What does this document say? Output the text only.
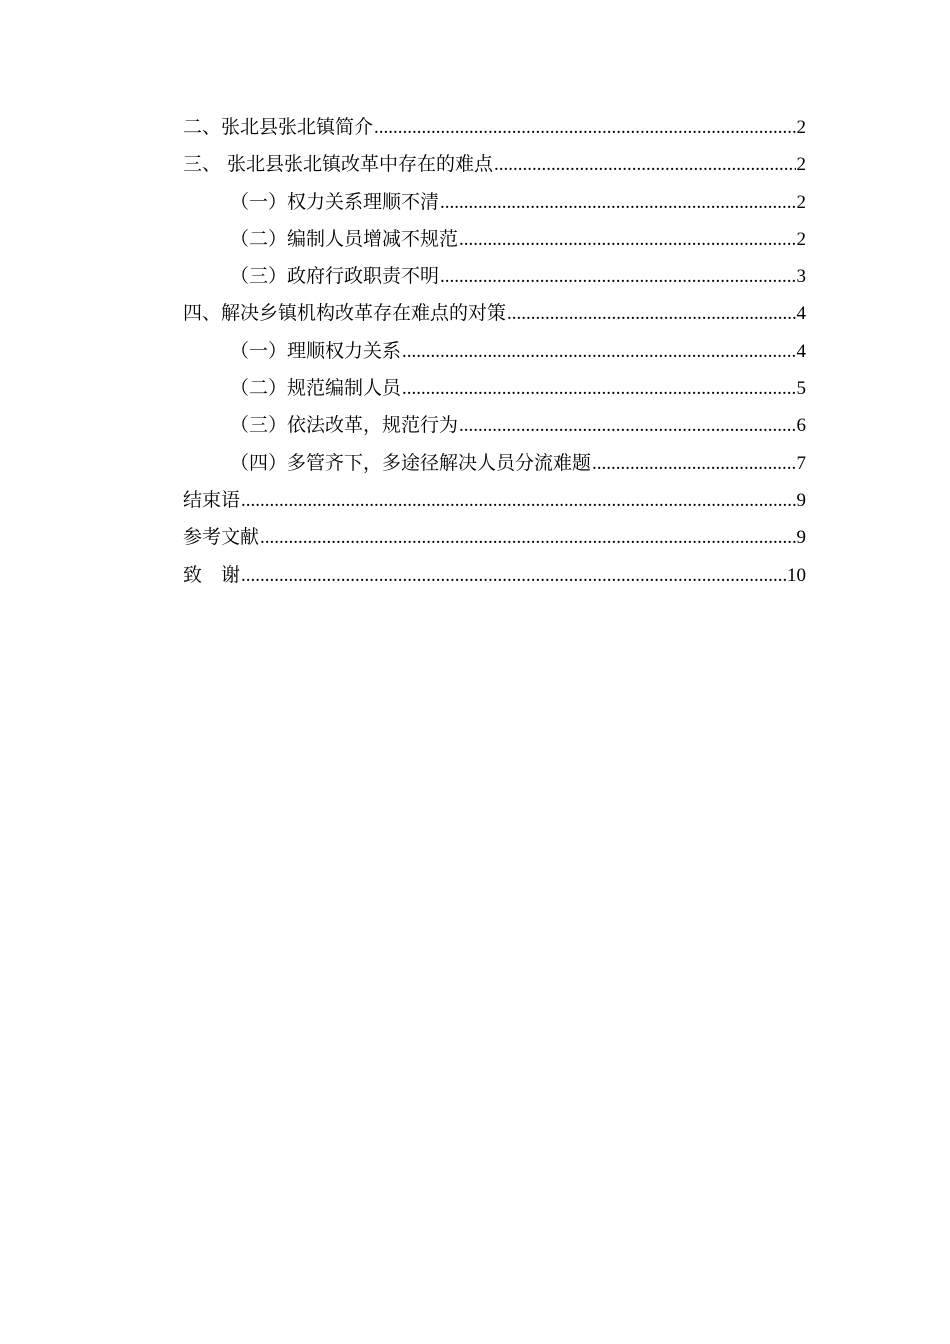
二、张北县张北镇简介 .....	2
三、 张北县张北镇改革中存在的难点 .....	2
（一）权力关系理顺不清 .....	2
（二）编制人员增减不规范 .....	2
（三）政府行政职责不明 .....	3
四、解决乡镇机构改革存在难点的对策 .....	4
（一）理顺权力关系 .....	4
（二）规范编制人员 .....	5
（三）依法改革，规范行为 .....	6
（四）多管齐下，多途径解决人员分流难题 .....	7
结束语 .....	9
参考文献 .....	9
致　谢 .....	10
